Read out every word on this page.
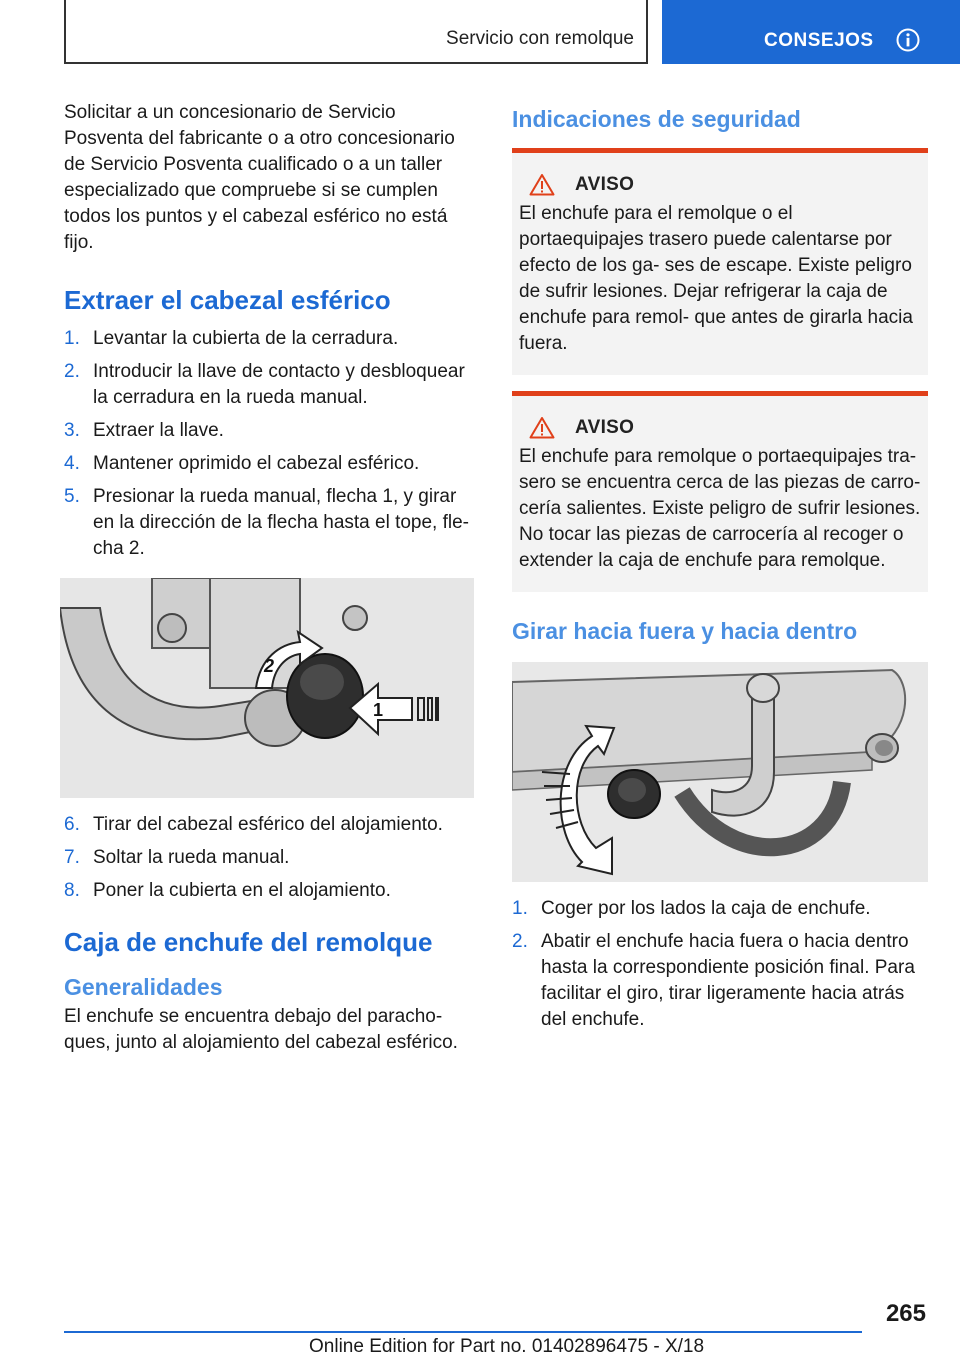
Servicio con remolque	CONSEJOS

Solicitar a un concesionario de Servicio Posventa del fabricante o a otro concesionario de Servicio Posventa cualificado o a un taller especializado que compruebe si se cumplen todos los puntos y el cabezal esférico no está fijo.

Extraer el cabezal esférico
1. Levantar la cubierta de la cerradura.
2. Introducir la llave de contacto y desbloquear la cerradura en la rueda manual.
3. Extraer la llave.
4. Mantener oprimido el cabezal esférico.
5. Presionar la rueda manual, flecha 1, y girar en la dirección de la flecha hasta el tope, fle‐ cha 2.
2
1
6. Tirar del cabezal esférico del alojamiento.
7. Soltar la rueda manual.
8. Poner la cubierta en el alojamiento.
Caja de enchufe del remolque
Generalidades

El enchufe se encuentra debajo del paracho‐ ques, junto al alojamiento del cabezal esférico.

Indicaciones de seguridad
AVISO

El enchufe para el remolque o el portaequipajes trasero puede calentarse por efecto de los ga‐ ses de escape. Existe peligro de sufrir lesiones. Dejar refrigerar la caja de enchufe para remol‐ que antes de girarla hacia fuera.

AVISO

El enchufe para remolque o portaequipajes tra‐ sero se encuentra cerca de las piezas de carro‐ cería salientes. Existe peligro de sufrir lesiones. No tocar las piezas de carrocería al recoger o extender la caja de enchufe para remolque.

Girar hacia fuera y hacia dentro
1. Coger por los lados la caja de enchufe.
2. Abatir el enchufe hacia fuera o hacia dentro hasta la correspondiente posición final. Para facilitar el giro, tirar ligeramente hacia atrás del enchufe.
265
Online Edition for Part no. 01402896475 - X/18
